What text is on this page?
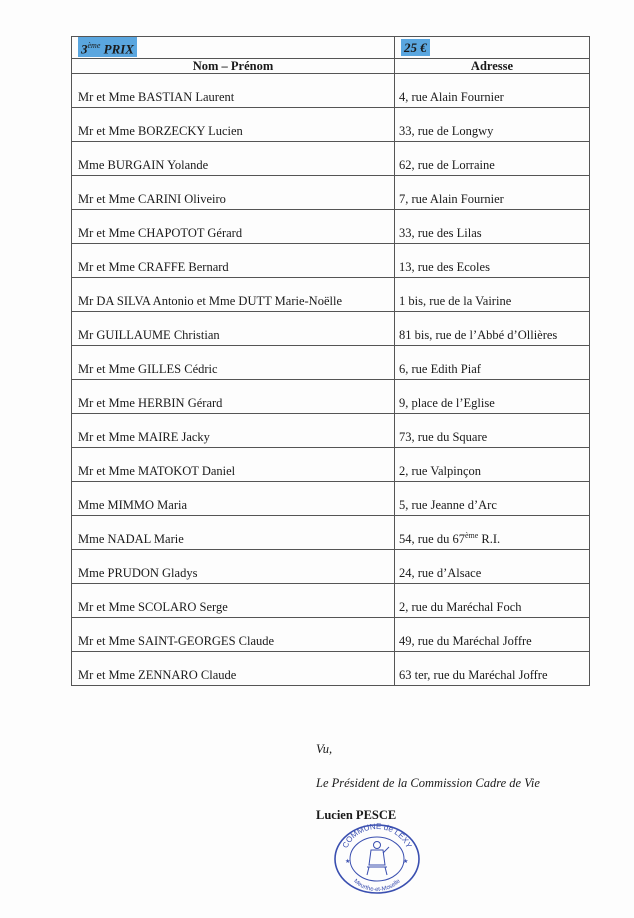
3ème PRIX	25 €
Nom – Prénom	Adresse
Mr et Mme BASTIAN Laurent	4, rue Alain Fournier
Mr et Mme BORZECKY Lucien	33, rue de Longwy
Mme BURGAIN Yolande	62, rue de Lorraine
Mr et Mme CARINI Oliveiro	7, rue Alain Fournier
Mr et Mme CHAPOTOT Gérard	33, rue des Lilas
Mr et Mme CRAFFE Bernard	13, rue des Ecoles
Mr DA SILVA Antonio et Mme DUTT Marie-Noëlle	1 bis, rue de la Vairine
Mr GUILLAUME Christian	81 bis, rue de l’Abbé d’Ollières
Mr et Mme GILLES Cédric	6, rue Edith Piaf
Mr et Mme HERBIN Gérard	9, place de l’Eglise
Mr et Mme MAIRE Jacky	73, rue du Square
Mr et Mme MATOKOT Daniel	2, rue Valpinçon
Mme MIMMO Maria	5, rue Jeanne d’Arc
Mme NADAL Marie	54, rue du 67ème R.I.
Mme PRUDON Gladys	24, rue d’Alsace
Mr et Mme SCOLARO Serge	2, rue du Maréchal Foch
Mr et Mme SAINT-GEORGES Claude	49, rue du Maréchal Joffre
Mr et Mme ZENNARO Claude	63 ter, rue du Maréchal Joffre
Vu,
Le Président de la Commission Cadre de Vie
Lucien PESCE
COMMUNE de LEXY
Meurthe-et-Moselle
★	★
